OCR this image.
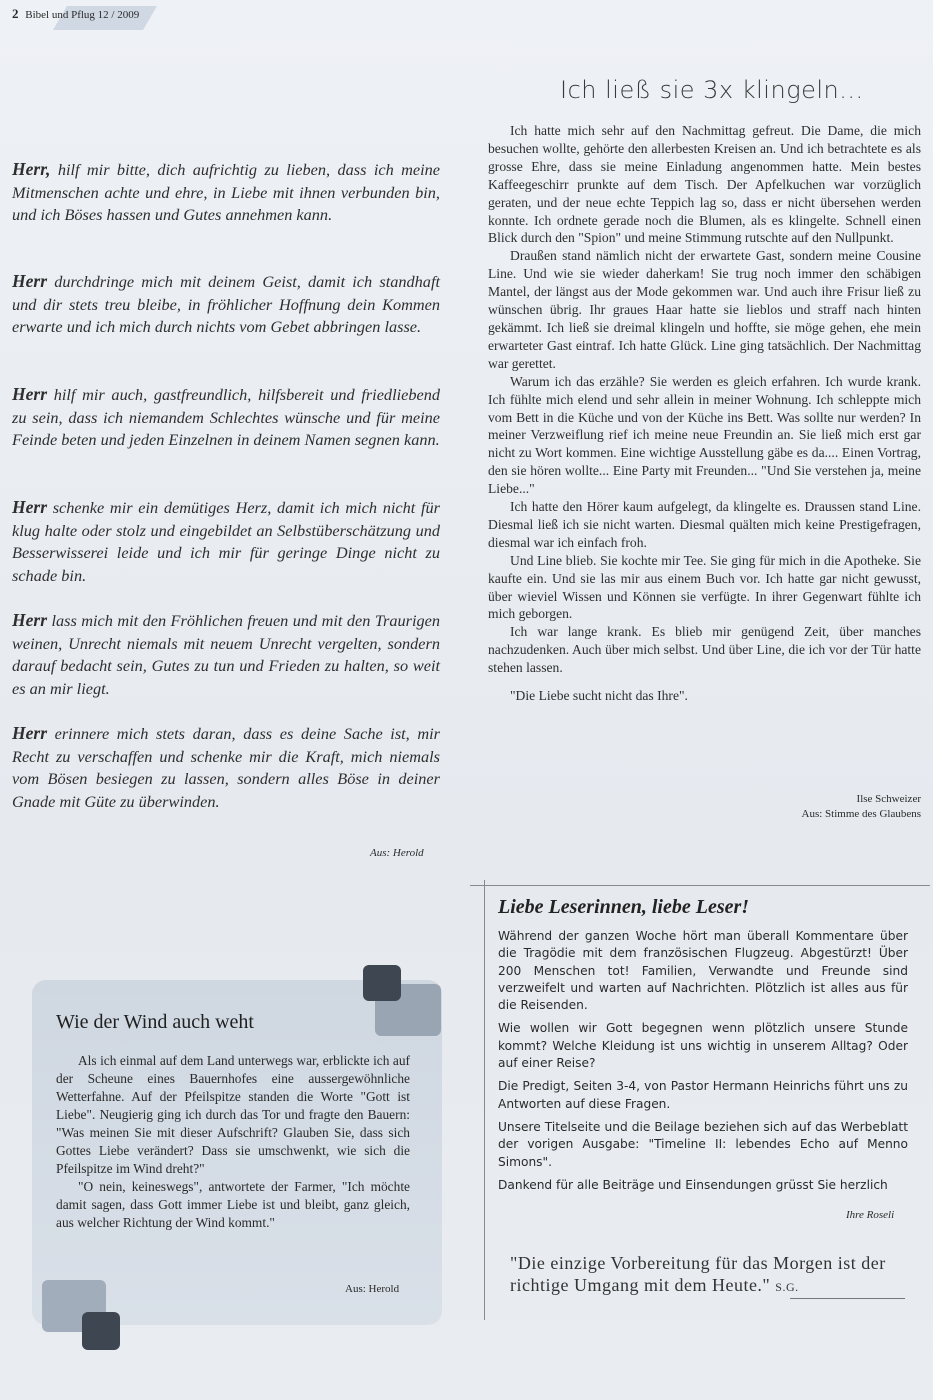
2 Bibel und Pflug 12 / 2009
Herr, hilf mir bitte, dich aufrichtig zu lieben, dass ich meine Mitmenschen achte und ehre, in Liebe mit ihnen verbunden bin, und ich Böses hassen und Gutes annehmen kann.
Herr durchdringe mich mit deinem Geist, damit ich standhaft und dir stets treu bleibe, in fröhlicher Hoffnung dein Kommen erwarte und ich mich durch nichts vom Gebet abbringen lasse.
Herr hilf mir auch, gastfreundlich, hilfsbereit und friedliebend zu sein, dass ich niemandem Schlechtes wünsche und für meine Feinde beten und jeden Einzelnen in deinem Namen segnen kann.
Herr schenke mir ein demütiges Herz, damit ich mich nicht für klug halte oder stolz und eingebildet an Selbstüberschätzung und Besserwisserei leide und ich mir für geringe Dinge nicht zu schade bin.
Herr lass mich mit den Fröhlichen freuen und mit den Traurigen weinen, Unrecht niemals mit neuem Unrecht vergelten, sondern darauf bedacht sein, Gutes zu tun und Frieden zu halten, so weit es an mir liegt.
Herr erinnere mich stets daran, dass es deine Sache ist, mir Recht zu verschaffen und schenke mir die Kraft, mich niemals vom Bösen besiegen zu lassen, sondern alles Böse in deiner Gnade mit Güte zu überwinden.
Aus: Herold
Ich ließ sie 3x klingeln...

Ich hatte mich sehr auf den Nachmittag gefreut. Die Dame, die mich besuchen wollte, gehörte den allerbesten Kreisen an. Und ich betrachtete es als grosse Ehre, dass sie meine Einladung angenommen hatte. Mein bestes Kaffeegeschirr prunkte auf dem Tisch. Der Apfelkuchen war vorzüglich geraten, und der neue echte Teppich lag so, dass er nicht übersehen werden konnte. Ich ordnete gerade noch die Blumen, als es klingelte. Schnell einen Blick durch den "Spion" und meine Stimmung rutschte auf den Nullpunkt.

Draußen stand nämlich nicht der erwartete Gast, sondern meine Cousine Line. Und wie sie wieder daherkam! Sie trug noch immer den schäbigen Mantel, der längst aus der Mode gekommen war. Und auch ihre Frisur ließ zu wünschen übrig. Ihr graues Haar hatte sie lieblos und straff nach hinten gekämmt. Ich ließ sie dreimal klingeln und hoffte, sie möge gehen, ehe mein erwarteter Gast eintraf. Ich hatte Glück. Line ging tatsächlich. Der Nachmittag war gerettet.

Warum ich das erzähle? Sie werden es gleich erfahren. Ich wurde krank. Ich fühlte mich elend und sehr allein in meiner Wohnung. Ich schleppte mich vom Bett in die Küche und von der Küche ins Bett. Was sollte nur werden? In meiner Verzweiflung rief ich meine neue Freundin an. Sie ließ mich erst gar nicht zu Wort kommen. Eine wichtige Ausstellung gäbe es da.... Einen Vortrag, den sie hören wollte... Eine Party mit Freunden... "Und Sie verstehen ja, meine Liebe..."

Ich hatte den Hörer kaum aufgelegt, da klingelte es. Draussen stand Line. Diesmal ließ ich sie nicht warten. Diesmal quälten mich keine Prestigefragen, diesmal war ich einfach froh.

Und Line blieb. Sie kochte mir Tee. Sie ging für mich in die Apotheke. Sie kaufte ein. Und sie las mir aus einem Buch vor. Ich hatte gar nicht gewusst, über wieviel Wissen und Können sie verfügte. In ihrer Gegenwart fühlte ich mich geborgen.

Ich war lange krank. Es blieb mir genügend Zeit, über manches nachzudenken. Auch über mich selbst. Und über Line, die ich vor der Tür hatte stehen lassen.

"Die Liebe sucht nicht das Ihre".

Ilse Schweizer
Aus: Stimme des Glaubens
Wie der Wind auch weht

Als ich einmal auf dem Land unterwegs war, erblickte ich auf der Scheune eines Bauernhofes eine aussergewöhnliche Wetterfahne. Auf der Pfeilspitze standen die Worte "Gott ist Liebe". Neugierig ging ich durch das Tor und fragte den Bauern: "Was meinen Sie mit dieser Aufschrift? Glauben Sie, dass sich Gottes Liebe verändert? Dass sie umschwenkt, wie sich die Pfeilspitze im Wind dreht?"

"O nein, keineswegs", antwortete der Farmer, "Ich möchte damit sagen, dass Gott immer Liebe ist und bleibt, ganz gleich, aus welcher Richtung der Wind kommt."

Aus: Herold
Liebe Leserinnen, liebe Leser!

Während der ganzen Woche hört man überall Kommentare über die Tragödie mit dem französischen Flugzeug. Abgestürzt! Über 200 Menschen tot! Familien, Verwandte und Freunde sind verzweifelt und warten auf Nachrichten. Plötzlich ist alles aus für die Reisenden.

Wie wollen wir Gott begegnen wenn plötzlich unsere Stunde kommt? Welche Kleidung ist uns wichtig in unserem Alltag? Oder auf einer Reise?

Die Predigt, Seiten 3-4, von Pastor Hermann Heinrichs führt uns zu Antworten auf diese Fragen.

Unsere Titelseite und die Beilage beziehen sich auf das Werbeblatt der vorigen Ausgabe: "Timeline II: lebendes Echo auf Menno Simons".

Dankend für alle Beiträge und Einsendungen grüsst Sie herzlich

Ihre Roseli
"Die einzige Vorbereitung für das Morgen ist der richtige Umgang mit dem Heute." S.G.
